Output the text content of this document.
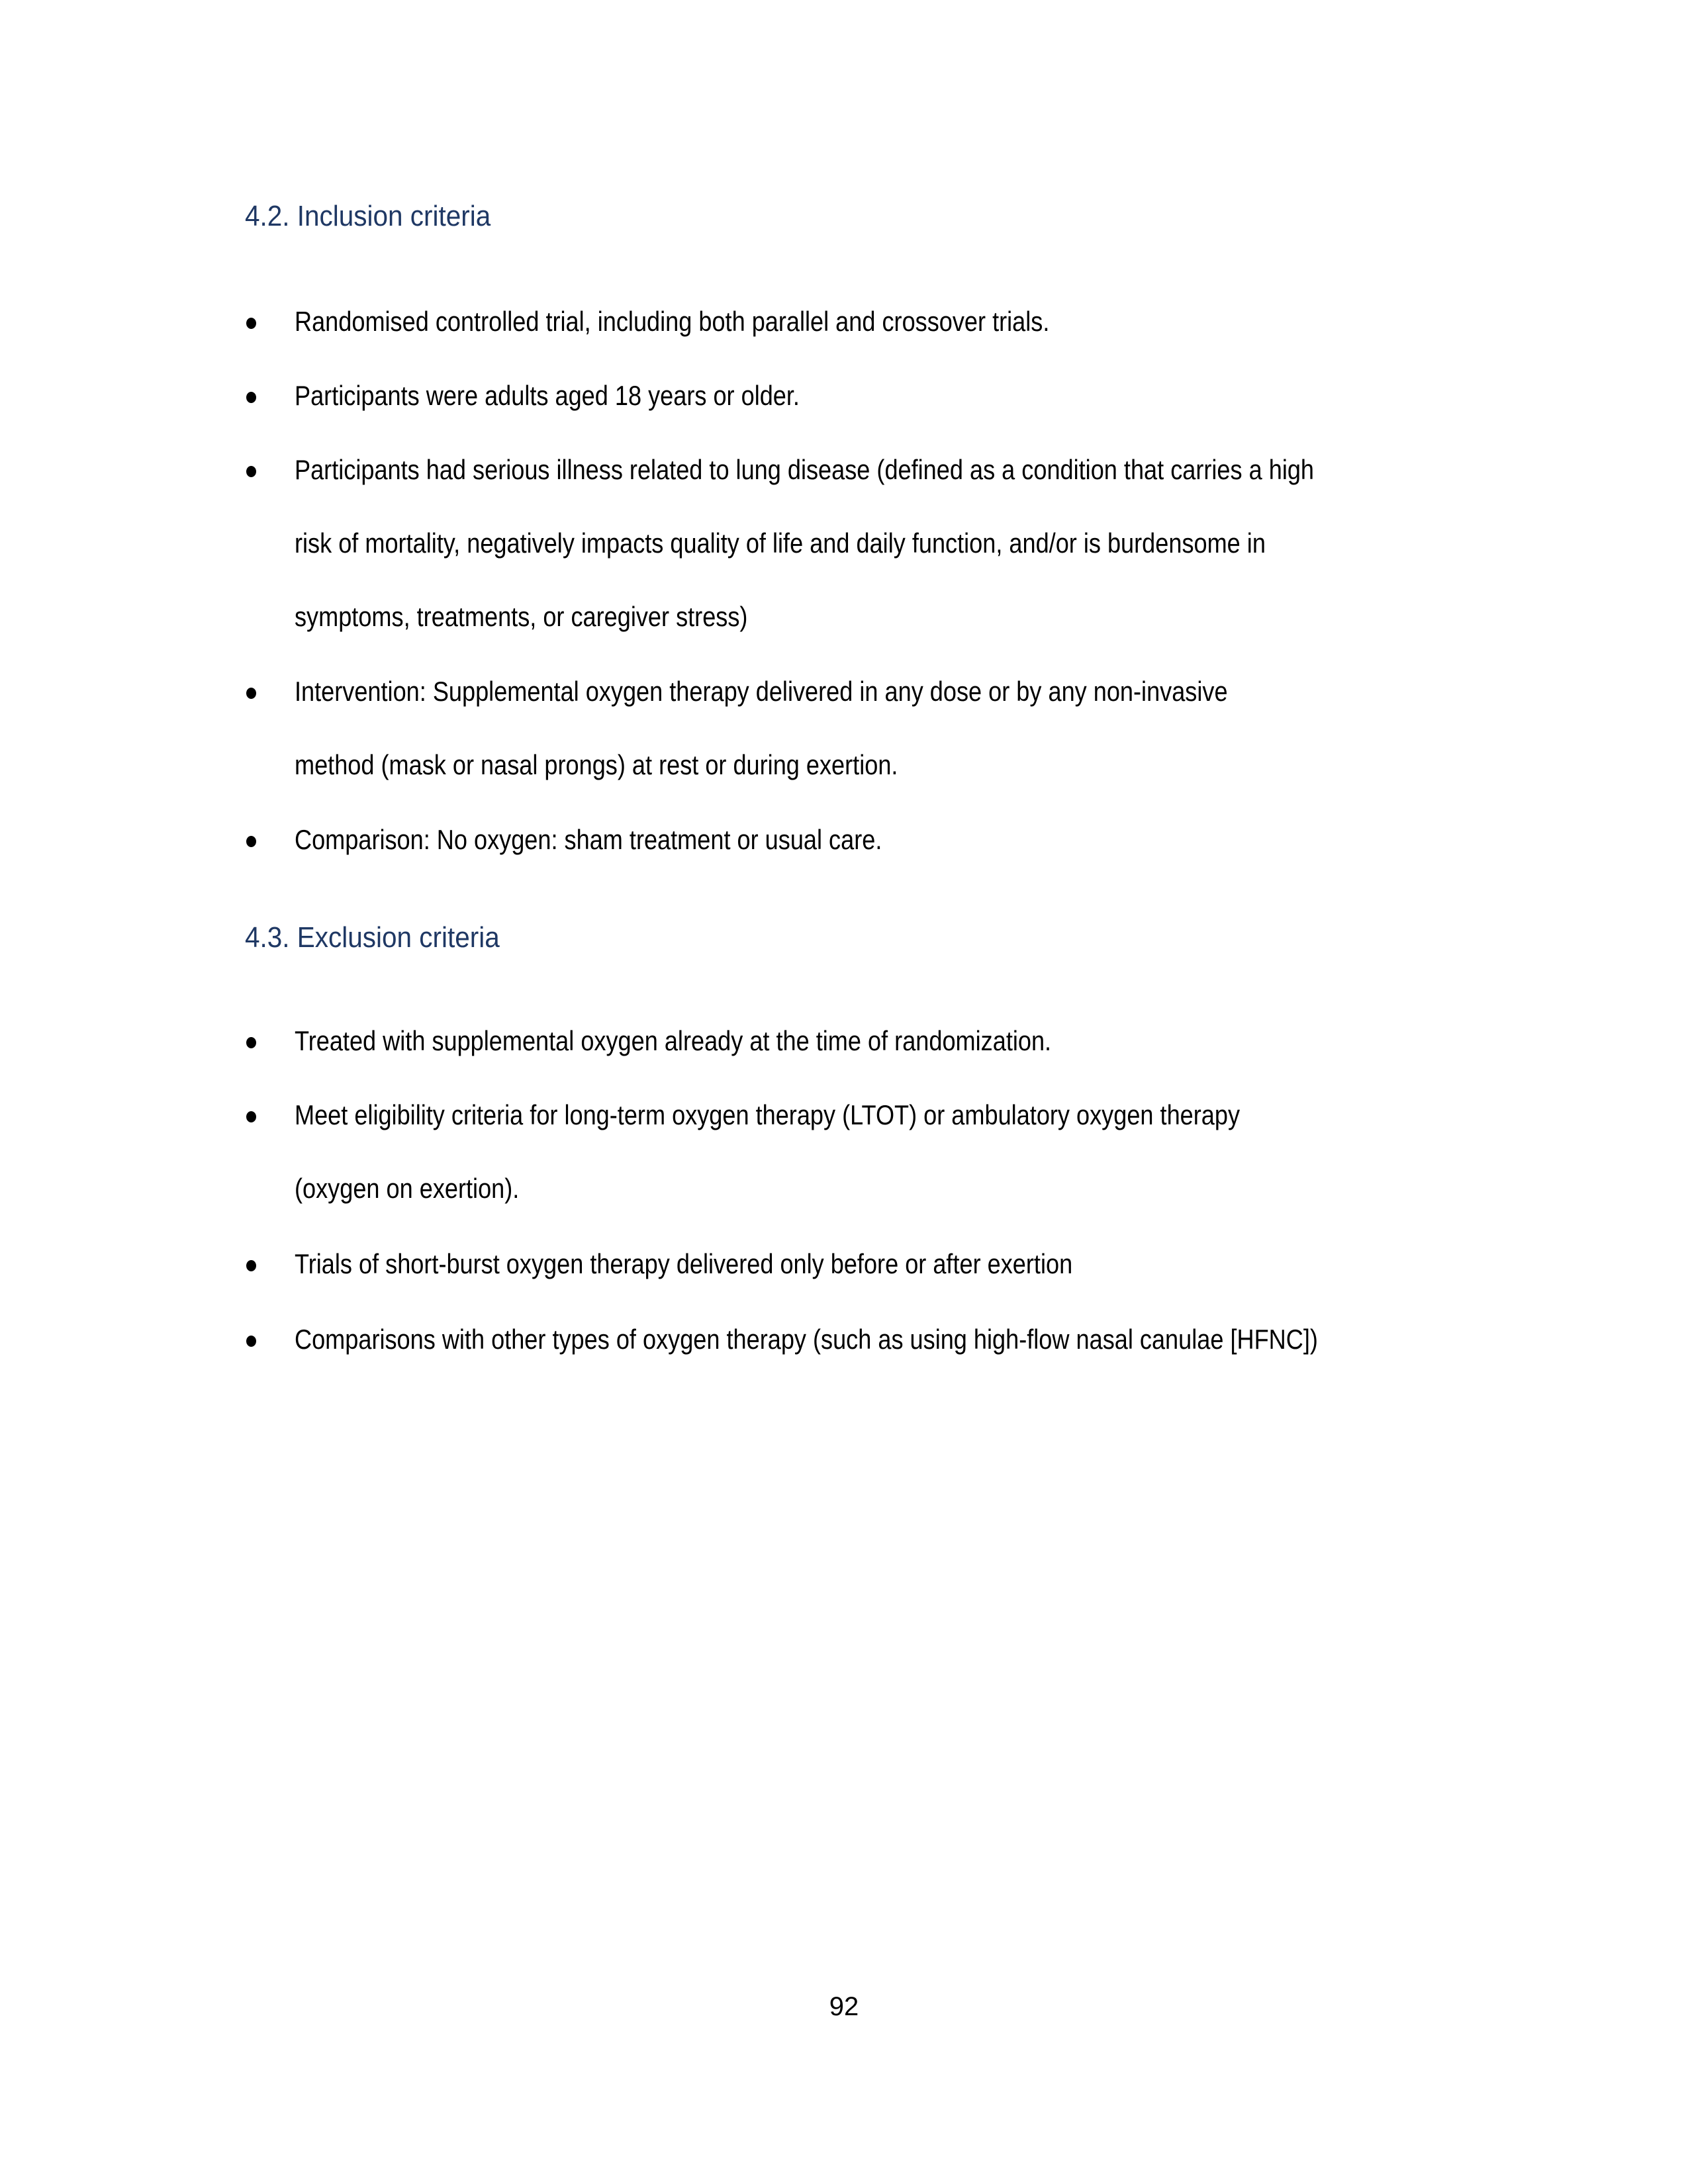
4.2. Inclusion criteria
Randomised controlled trial, including both parallel and crossover trials.
Participants were adults aged 18 years or older.
Participants had serious illness related to lung disease (defined as a condition that carries a high
risk of mortality, negatively impacts quality of life and daily function, and/or is burdensome in
symptoms, treatments, or caregiver stress)
Intervention: Supplemental oxygen therapy delivered in any dose or by any non-invasive
method (mask or nasal prongs) at rest or during exertion.
Comparison: No oxygen: sham treatment or usual care.
4.3. Exclusion criteria
Treated with supplemental oxygen already at the time of randomization.
Meet eligibility criteria for long-term oxygen therapy (LTOT) or ambulatory oxygen therapy
(oxygen on exertion).
Trials of short-burst oxygen therapy delivered only before or after exertion
Comparisons with other types of oxygen therapy (such as using high-flow nasal canulae [HFNC])
92
